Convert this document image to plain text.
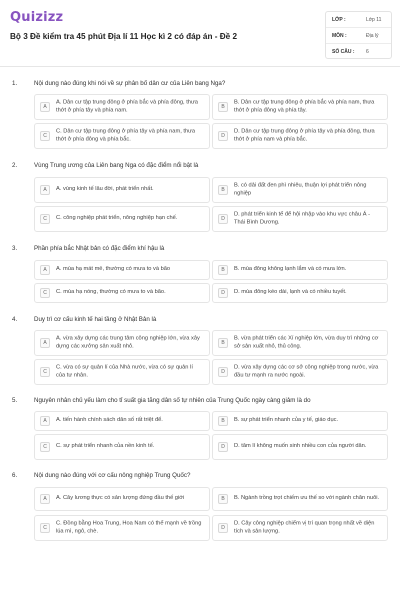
Quizizz
Bộ 3 Đề kiểm tra 45 phút Địa lí 11 Học kì 2 có đáp án - Đề 2
LỚP :	Lớp 11
MÔN :	Địa lý
SỐ CÂU : 6
1.	Nội dung nào đúng khi nói về sự phân bố dân cư của Liên bang Nga?
A
A. Dân cư tập trung đông ở phía bắc và phía đông, thưa thớt ở phía tây và phía nam.	B
B. Dân cư tập trung đông ở phía bắc và phía nam, thưa thớt ở phía đông và phía tây.
C
C. Dân cư tập trung đông ở phía tây và phía nam, thưa thớt ở phía đông và phía bắc.	D
D. Dân cư tập trung đông ở phía tây và phía đông, thưa thớt ở phía nam và phía bắc.
2.	Vùng Trung ương của Liên bang Nga có đặc điểm nổi bật là
A	A. vùng kinh tế lâu đời, phát triển nhất.	B
B. có dải đất đen phì nhiêu, thuận lợi phát triển nông nghiệp
C	C. công nghiệp phát triển, nông nghiệp hạn chế.	D
D. phát triển kinh tế để hội nhập vào khu vực châu Á - Thái Bình Dương.
3.	Phần phía bắc Nhật bản có đặc điểm khí hậu là
A	A. mùa hạ mát mẻ, thường có mưa to và bão	B	B. mùa đông không lạnh lắm và có mưa lớn.
C	C. mùa hạ nóng, thường có mưa to và bão.	D	D. mùa đông kéo dài, lạnh và có nhiều tuyết.
4.	Duy trì cơ cấu kinh tế hai tầng ở Nhật Bản là
A
A. vừa xây dựng các trung tâm công nghiệp lớn, vừa xây dựng các xưởng sản xuất nhỏ.	B
B. vừa phát triển các Xí nghiệp lớn, vừa duy trì những cơ sở sản xuất nhỏ, thủ công.
C
C. vừa có sự quản lí của Nhà nước, vừa có sự quản lí của tư nhân.	D
D. vừa xây dựng các cơ sở công nghiệp trong nước, vừa đầu tư mạnh ra nước ngoài.
5.	Nguyên nhân chủ yếu làm cho tỉ suất gia tăng dân số tự nhiên của Trung Quốc ngày càng giảm là do
A	A. tiến hành chính sách dân số rất triệt để.	B	B. sự phát triển nhanh của y tế, giáo dục.
C	C. sự phát triển nhanh của nền kinh tế.	D	D. tâm lí không muốn sinh nhiều con của người dân.
6.	Nội dung nào đúng với cơ cấu nông nghiệp Trung Quốc?
A	A. Cây lương thực có sản lượng đứng đầu thế giới	B	B. Ngành trồng trọt chiếm ưu thế so với ngành chăn nuôi.
C
C. Đồng bằng Hoa Trung, Hoa Nam có thế mạnh về trồng lúa mì, ngô, chè.	D
D. Cây công nghiệp chiếm vị trí quan trọng nhất về diện tích và sản lượng.
